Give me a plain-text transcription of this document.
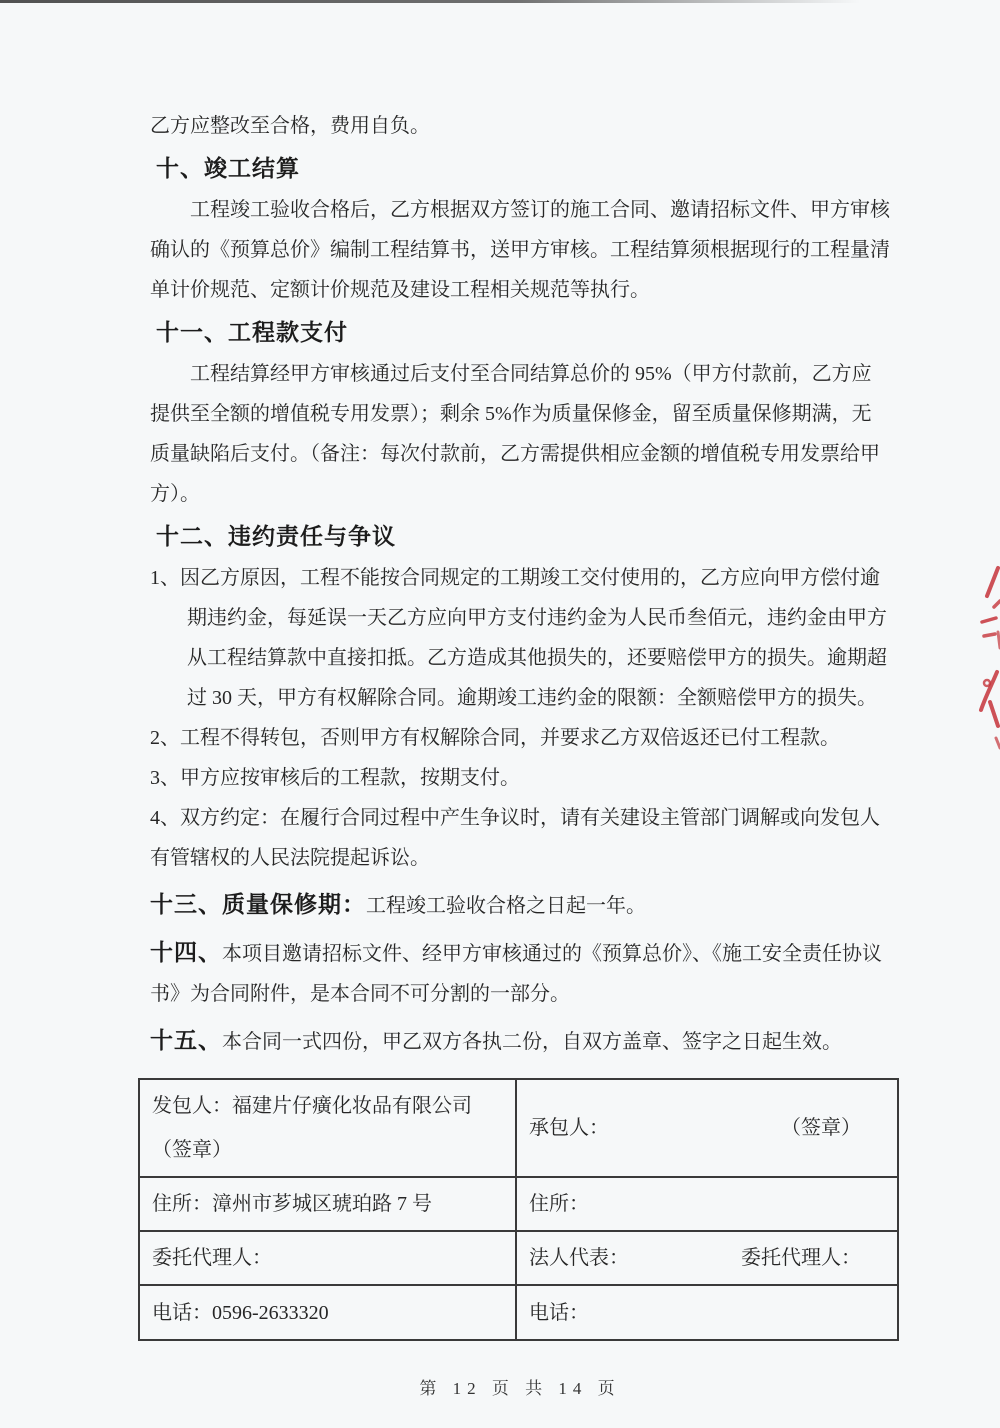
乙方应整改至合格，费用自负。

十、竣工结算

工程竣工验收合格后，乙方根据双方签订的施工合同、邀请招标文件、甲方审核确认的《预算总价》编制工程结算书，送甲方审核。工程结算须根据现行的工程量清单计价规范、定额计价规范及建设工程相关规范等执行。

十一、工程款支付

工程结算经甲方审核通过后支付至合同结算总价的 95%（甲方付款前，乙方应提供至全额的增值税专用发票）；剩余 5%作为质量保修金，留至质量保修期满，无质量缺陷后支付。（备注：每次付款前，乙方需提供相应金额的增值税专用发票给甲方）。

十二、违约责任与争议

1、因乙方原因，工程不能按合同规定的工期竣工交付使用的，乙方应向甲方偿付逾期违约金，每延误一天乙方应向甲方支付违约金为人民币叁佰元，违约金由甲方从工程结算款中直接扣抵。乙方造成其他损失的，还要赔偿甲方的损失。逾期超过 30 天，甲方有权解除合同。逾期竣工违约金的限额：全额赔偿甲方的损失。

2、工程不得转包，否则甲方有权解除合同，并要求乙方双倍返还已付工程款。

3、甲方应按审核后的工程款，按期支付。

4、双方约定：在履行合同过程中产生争议时，请有关建设主管部门调解或向发包人有管辖权的人民法院提起诉讼。

十三、质量保修期：工程竣工验收合格之日起一年。

十四、本项目邀请招标文件、经甲方审核通过的《预算总价》、《施工安全责任协议书》为合同附件，是本合同不可分割的一部分。

十五、本合同一式四份，甲乙双方各执二份，自双方盖章、签字之日起生效。

发包人：福建片仔癀化妆品有限公司（签章）	承包人： （签章）

住所：漳州市芗城区琥珀路 7 号	住所：
委托代理人：	法人代表： 委托代理人：

电话：0596-2633320	电话：
第 12 页 共 14 页
